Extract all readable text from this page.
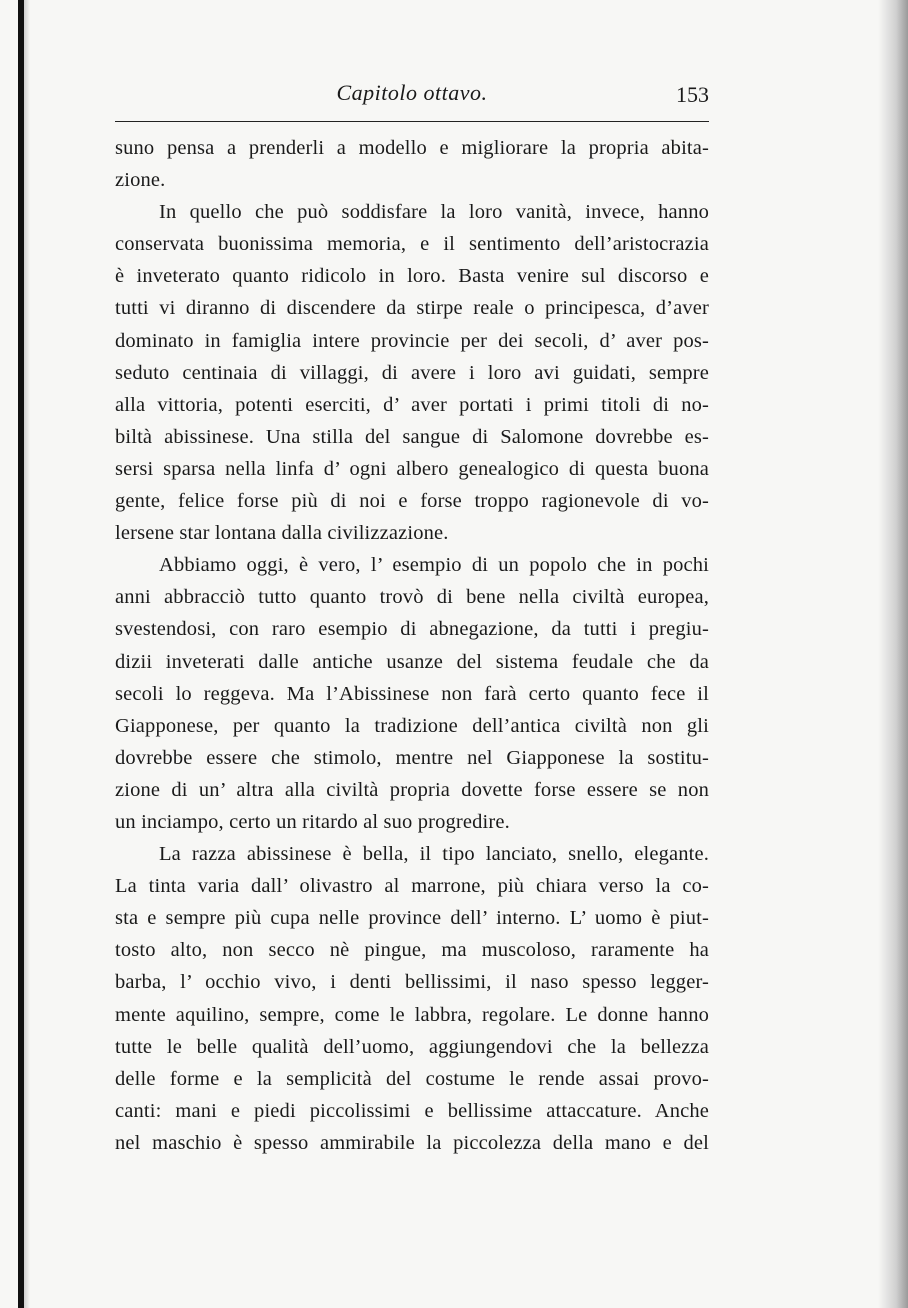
Capitolo ottavo.	153
suno pensa a prenderli a modello e migliorare la propria abita-
zione.
In quello che può soddisfare la loro vanità, invece, hanno
conservata buonissima memoria, e il sentimento dell’aristocrazia
è inveterato quanto ridicolo in loro. Basta venire sul discorso e
tutti vi diranno di discendere da stirpe reale o principesca, d’aver
dominato in famiglia intere provincie per dei secoli, d’ aver pos-
seduto centinaia di villaggi, di avere i loro avi guidati, sempre
alla vittoria, potenti eserciti, d’ aver portati i primi titoli di no-
biltà abissinese. Una stilla del sangue di Salomone dovrebbe es-
sersi sparsa nella linfa d’ ogni albero genealogico di questa buona
gente, felice forse più di noi e forse troppo ragionevole di vo-
lersene star lontana dalla civilizzazione.
Abbiamo oggi, è vero, l’ esempio di un popolo che in pochi
anni abbracciò tutto quanto trovò di bene nella civiltà europea,
svestendosi, con raro esempio di abnegazione, da tutti i pregiu-
dizii inveterati dalle antiche usanze del sistema feudale che da
secoli lo reggeva. Ma l’Abissinese non farà certo quanto fece il
Giapponese, per quanto la tradizione dell’antica civiltà non gli
dovrebbe essere che stimolo, mentre nel Giapponese la sostitu-
zione di un’ altra alla civiltà propria dovette forse essere se non
un inciampo, certo un ritardo al suo progredire.
La razza abissinese è bella, il tipo lanciato, snello, elegante.
La tinta varia dall’ olivastro al marrone, più chiara verso la co-
sta e sempre più cupa nelle province dell’ interno. L’ uomo è piut-
tosto alto, non secco nè pingue, ma muscoloso, raramente ha
barba, l’ occhio vivo, i denti bellissimi, il naso spesso legger-
mente aquilino, sempre, come le labbra, regolare. Le donne hanno
tutte le belle qualità dell’uomo, aggiungendovi che la bellezza
delle forme e la semplicità del costume le rende assai provo-
canti: mani e piedi piccolissimi e bellissime attaccature. Anche
nel maschio è spesso ammirabile la piccolezza della mano e del
